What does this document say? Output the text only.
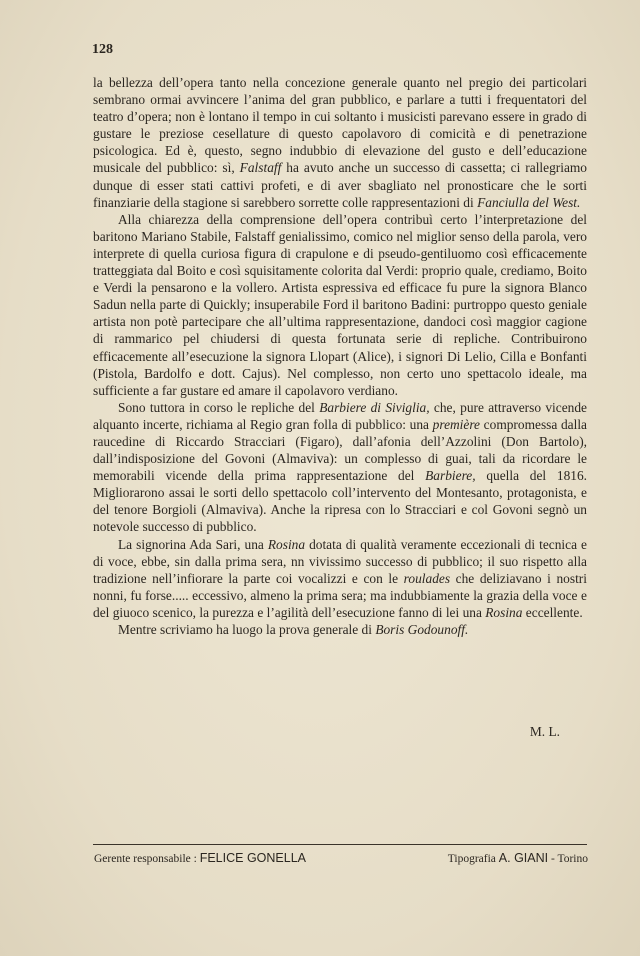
128

la bellezza dell’opera tanto nella concezione generale quanto nel pregio dei particolari sembrano ormai avvincere l’anima del gran pubblico, e parlare a tutti i frequentatori del teatro d’opera; non è lontano il tempo in cui soltanto i musicisti parevano essere in grado di gustare le preziose cesellature di questo capolavoro di comicità e di penetrazione psicologica. Ed è, questo, segno indubbio di elevazione del gusto e dell’educazione musicale del pubblico: sì, Falstaff ha avuto anche un successo di cassetta; ci rallegriamo dunque di esser stati cattivi profeti, e di aver sbagliato nel pronosticare che le sorti finanziarie della stagione si sarebbero sorrette colle rappresentazioni di Fanciulla del West.

Alla chiarezza della comprensione dell’opera contribuì certo l’interpretazione del baritono Mariano Stabile, Falstaff genialissimo, comico nel miglior senso della parola, vero interprete di quella curiosa figura di crapulone e di pseudo-gentiluomo così efficacemente tratteggiata dal Boito e così squisitamente colorita dal Verdi: proprio quale, crediamo, Boito e Verdi la pensarono e la vollero. Artista espressiva ed efficace fu pure la signora Blanco Sadun nella parte di Quickly; insuperabile Ford il baritono Badini: purtroppo questo geniale artista non potè partecipare che all’ultima rappresentazione, dandoci così maggior cagione di rammarico pel chiudersi di questa fortunata serie di repliche. Contribuirono efficacemente all’esecuzione la signora Llopart (Alice), i signori Di Lelio, Cilla e Bonfanti (Pistola, Bardolfo e dott. Cajus). Nel complesso, non certo uno spettacolo ideale, ma sufficiente a far gustare ed amare il capolavoro verdiano.

Sono tuttora in corso le repliche del Barbiere di Siviglia, che, pure attraverso vicende alquanto incerte, richiama al Regio gran folla di pubblico: una première compromessa dalla raucedine di Riccardo Stracciari (Figaro), dall’afonia dell’Azzolini (Don Bartolo), dall’indisposizione del Govoni (Almaviva): un complesso di guai, tali da ricordare le memorabili vicende della prima rappresentazione del Barbiere, quella del 1816. Migliorarono assai le sorti dello spettacolo coll’intervento del Montesanto, protagonista, e del tenore Borgioli (Almaviva). Anche la ripresa con lo Stracciari e col Govoni segnò un notevole successo di pubblico.

La signorina Ada Sari, una Rosina dotata di qualità veramente eccezionali di tecnica e di voce, ebbe, sin dalla prima sera, nn vivissimo successo di pubblico; il suo rispetto alla tradizione nell’infiorare la parte coi vocalizzi e con le roulades che deliziavano i nostri nonni, fu forse..... eccessivo, almeno la prima sera; ma indubbiamente la grazia della voce e del giuoco scenico, la purezza e l’agilità dell’esecuzione fanno di lei una Rosina eccellente.

Mentre scriviamo ha luogo la prova generale di Boris Godounoff.

M. L.
Gerente responsabile : FELICE GONELLA	Tipografia A. GIANI - Torino
